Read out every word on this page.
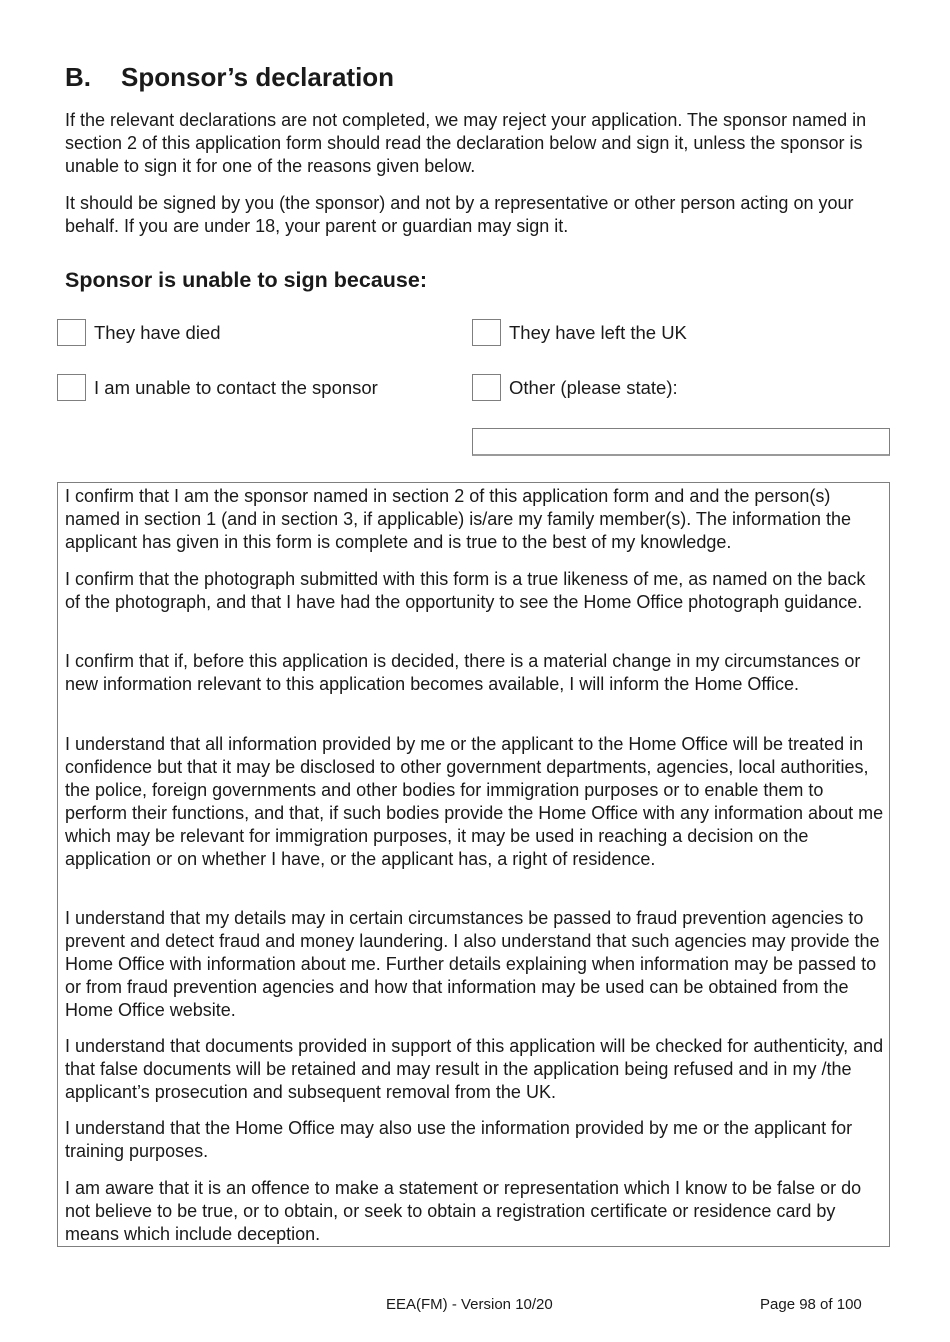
B. Sponsor’s declaration

If the relevant declarations are not completed, we may reject your application. The sponsor named in section 2 of this application form should read the declaration below and sign it, unless the sponsor is unable to sign it for one of the reasons given below.

It should be signed by you (the sponsor) and not by a representative or other person acting on your behalf. If you are under 18, your parent or guardian may sign it.

Sponsor is unable to sign because:
They have died	They have left the UK
I am unable to contact the sponsor	Other (please state):

I confirm that I am the sponsor named in section 2 of this application form and and the person(s) named in section 1 (and in section 3, if applicable) is/are my family member(s). The information the applicant has given in this form is complete and is true to the best of my knowledge.

I confirm that the photograph submitted with this form is a true likeness of me, as named on the back of the photograph, and that I have had the opportunity to see the Home Office photograph guidance.

I confirm that if, before this application is decided, there is a material change in my circumstances or new information relevant to this application becomes available, I will inform the Home Office.

I understand that all information provided by me or the applicant to the Home Office will be treated in confidence but that it may be disclosed to other government departments, agencies, local authorities, the police, foreign governments and other bodies for immigration purposes or to enable them to perform their functions, and that, if such bodies provide the Home Office with any information about me which may be relevant for immigration purposes, it may be used in reaching a decision on the application or on whether I have, or the applicant has, a right of residence.

I understand that my details may in certain circumstances be passed to fraud prevention agencies to prevent and detect fraud and money laundering. I also understand that such agencies may provide the Home Office with information about me. Further details explaining when information may be passed to or from fraud prevention agencies and how that information may be used can be obtained from the Home Office website.

I understand that documents provided in support of this application will be checked for authenticity, and that false documents will be retained and may result in the application being refused and in my /the applicant’s prosecution and subsequent removal from the UK.

I understand that the Home Office may also use the information provided by me or the applicant for training purposes.

I am aware that it is an offence to make a statement or representation which I know to be false or do not believe to be true, or to obtain, or seek to obtain a registration certificate or residence card by means which include deception.

EEA(FM) - Version 10/20	Page 98 of 100
